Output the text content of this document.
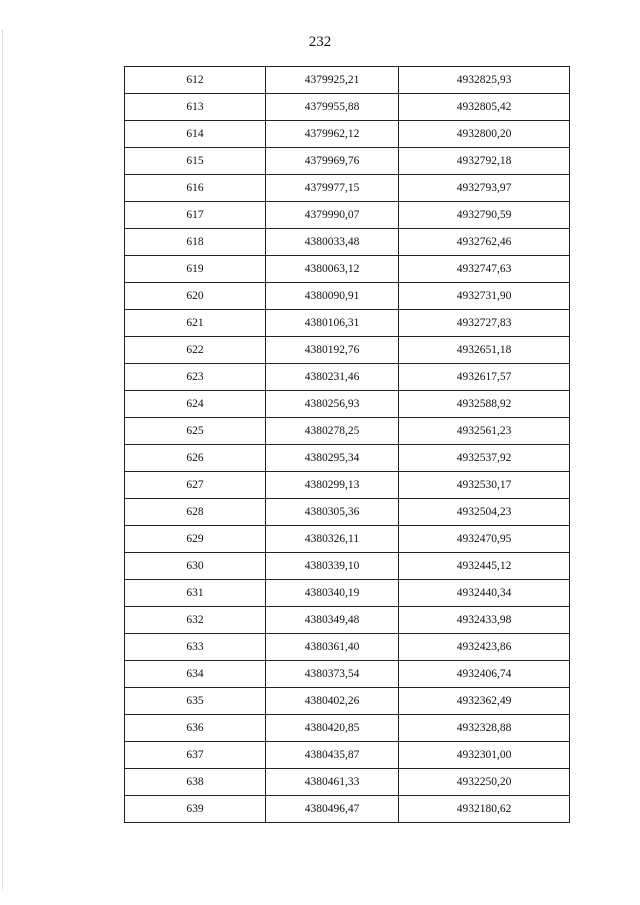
232
612	4379925,21	4932825,93
613	4379955,88	4932805,42
614	4379962,12	4932800,20
615	4379969,76	4932792,18
616	4379977,15	4932793,97
617	4379990,07	4932790,59
618	4380033,48	4932762,46
619	4380063,12	4932747,63
620	4380090,91	4932731,90
621	4380106,31	4932727,83
622	4380192,76	4932651,18
623	4380231,46	4932617,57
624	4380256,93	4932588,92
625	4380278,25	4932561,23
626	4380295,34	4932537,92
627	4380299,13	4932530,17
628	4380305,36	4932504,23
629	4380326,11	4932470,95
630	4380339,10	4932445,12
631	4380340,19	4932440,34
632	4380349,48	4932433,98
633	4380361,40	4932423,86
634	4380373,54	4932406,74
635	4380402,26	4932362,49
636	4380420,85	4932328,88
637	4380435,87	4932301,00
638	4380461,33	4932250,20
639	4380496,47	4932180,62
